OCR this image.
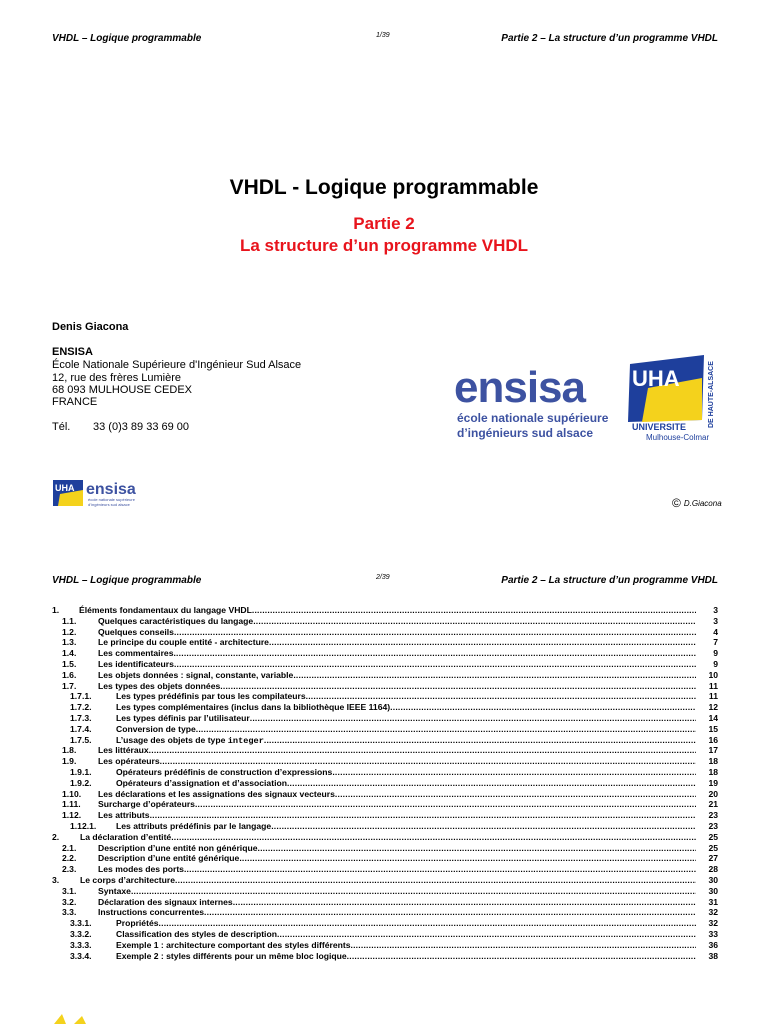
VHDL – Logique programmable	1/39	Partie 2 – La structure d’un programme VHDL
VHDL - Logique programmable
Partie 2
La structure d’un programme VHDL
Denis Giacona
ENSISA
École Nationale Supérieure d'Ingénieur Sud Alsace
12, rue des frères Lumière
68 093 MULHOUSE CEDEX
FRANCE
Tél. 33 (0)3 89 33 69 00
ensisa
école nationale supérieure
d’ingénieurs sud alsace
UHA
UNIVERSITE
Mulhouse-Colmar
DE HAUTE-ALSACE
UHA ensisa
école nationale supérieure
d’ingénieurs sud alsace	© D.Giacona
VHDL – Logique programmable	2/39	Partie 2 – La structure d’un programme VHDL
1. Éléments fondamentaux du langage VHDL .....	3
1.1.	Quelques caractéristiques du langage .....	3
1.2.	Quelques conseils .....	4
1.3.	Le principe du couple entité - architecture .....	7
1.4.	Les commentaires .....	9
1.5.	Les identificateurs .....	9
1.6.	Les objets données : signal, constante, variable .....	10
1.7.	Les types des objets données .....	11
1.7.1.	Les types prédéfinis par tous les compilateurs .....	11
1.7.2.	Les types complémentaires (inclus dans la bibliothèque IEEE 1164) .....	12
1.7.3.	Les types définis par l’utilisateur .....	14
1.7.4.	Conversion de type .....	15
1.7.5.	L’usage des objets de type integer .....	16
1.8.	Les littéraux .....	17
1.9.	Les opérateurs .....	18
1.9.1.	Opérateurs prédéfinis de construction d’expressions .....	18
1.9.2.	Opérateurs d’assignation et d’association .....	19
1.10. Les déclarations et les assignations des signaux vecteurs .....	20
1.11. Surcharge d’opérateurs .....	21
1.12. Les attributs .....	23
1.12.1. Les attributs prédéfinis par le langage .....	23
2. La déclaration d’entité .....	25
2.1.	Description d’une entité non générique .....	25
2.2.	Description d’une entité générique .....	27
2.3.	Les modes des ports .....	28
3. Le corps d’architecture .....	30
3.1.	Syntaxe .....	30
3.2.	Déclaration des signaux internes .....	31
3.3.	Instructions concurrentes .....	32
3.3.1.	Propriétés .....	32
3.3.2.	Classification des styles de description .....	33
3.3.3.	Exemple 1 : architecture comportant des styles différents .....	36
3.3.4.	Exemple 2 : styles différents pour un même bloc logique .....	38
